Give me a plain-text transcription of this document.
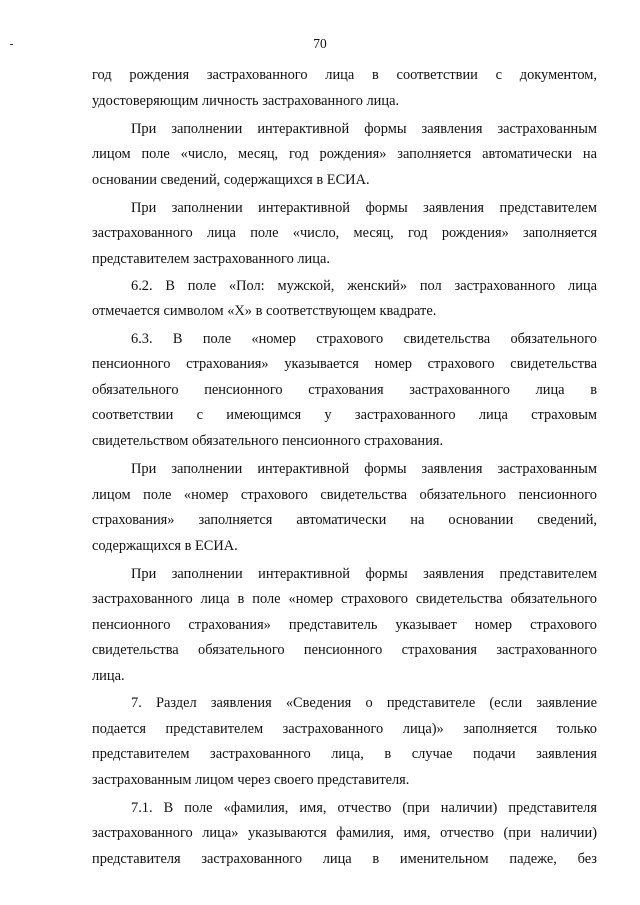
70
год рождения застрахованного лица в соответствии с документом,
удостоверяющим личность застрахованного лица.
При заполнении интерактивной формы заявления застрахованным
лицом поле «число, месяц, год рождения» заполняется автоматически на
основании сведений, содержащихся в ЕСИА.
При заполнении интерактивной формы заявления представителем
застрахованного лица поле «число, месяц, год рождения» заполняется
представителем застрахованного лица.
6.2. В поле «Пол: мужской, женский» пол застрахованного лица
отмечается символом «X» в соответствующем квадрате.
6.3. В поле «номер страхового свидетельства обязательного
пенсионного страхования» указывается номер страхового свидетельства
обязательного пенсионного страхования застрахованного лица в
соответствии с имеющимся у застрахованного лица страховым
свидетельством обязательного пенсионного страхования.
При заполнении интерактивной формы заявления застрахованным
лицом поле «номер страхового свидетельства обязательного пенсионного
страхования» заполняется автоматически на основании сведений,
содержащихся в ЕСИА.
При заполнении интерактивной формы заявления представителем
застрахованного лица в поле «номер страхового свидетельства обязательного
пенсионного страхования» представитель указывает номер страхового
свидетельства обязательного пенсионного страхования застрахованного
лица.
7. Раздел заявления «Сведения о представителе (если заявление
подается представителем застрахованного лица)» заполняется только
представителем застрахованного лица, в случае подачи заявления
застрахованным лицом через своего представителя.
7.1. В поле «фамилия, имя, отчество (при наличии) представителя
застрахованного лица» указываются фамилия, имя, отчество (при наличии)
представителя застрахованного лица в именительном падеже, без
